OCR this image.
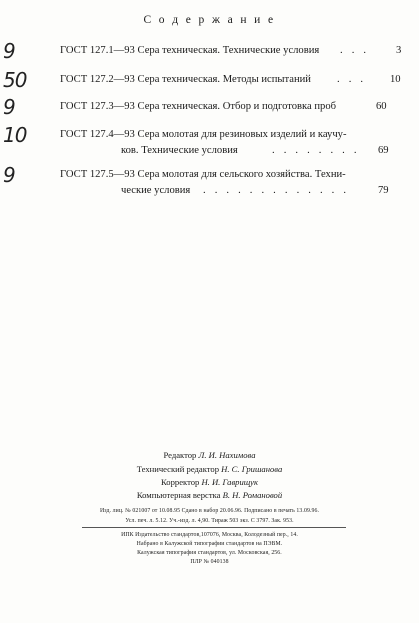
С о д е р ж а н и е
9	ГОСТ 127.1—93 Сера техническая. Технические условия . . .	3
50	ГОСТ 127.2—93 Сера техническая. Методы испытаний . . . 10
9	ГОСТ 127.3—93 Сера техническая. Отбор и подготовка проб	60
10	ГОСТ 127.4—93 Сера молотая для резиновых изделий и каучу-
ков. Технические условия	. . . . . . . . 69
9	ГОСТ 127.5—93 Сера молотая для сельского хозяйства. Техни-
ческие условия . . . . . . . . . . . . .	79
Редактор Л. И. Нахимова
Технический редактор Н. С. Гришанова
Корректор Н. И. Гаврищук
Компьютерная верстка В. Н. Романовой
Изд. лиц. № 021007 от 10.08.95 Сдано в набор 20.06.96. Подписано в печать 13.09.96.
Усл. печ. л. 5.12. Уч.-изд. л. 4,90. Тираж 503 экз. С 3797. Зак. 953.
ИПК Издательство стандартов,107076, Москва, Колодезный пер., 14.
Набрано в Калужской типографии стандартов на ПЭВМ.
Калужская типография стандартов, ул. Московская, 256.
ПЛР № 040138
